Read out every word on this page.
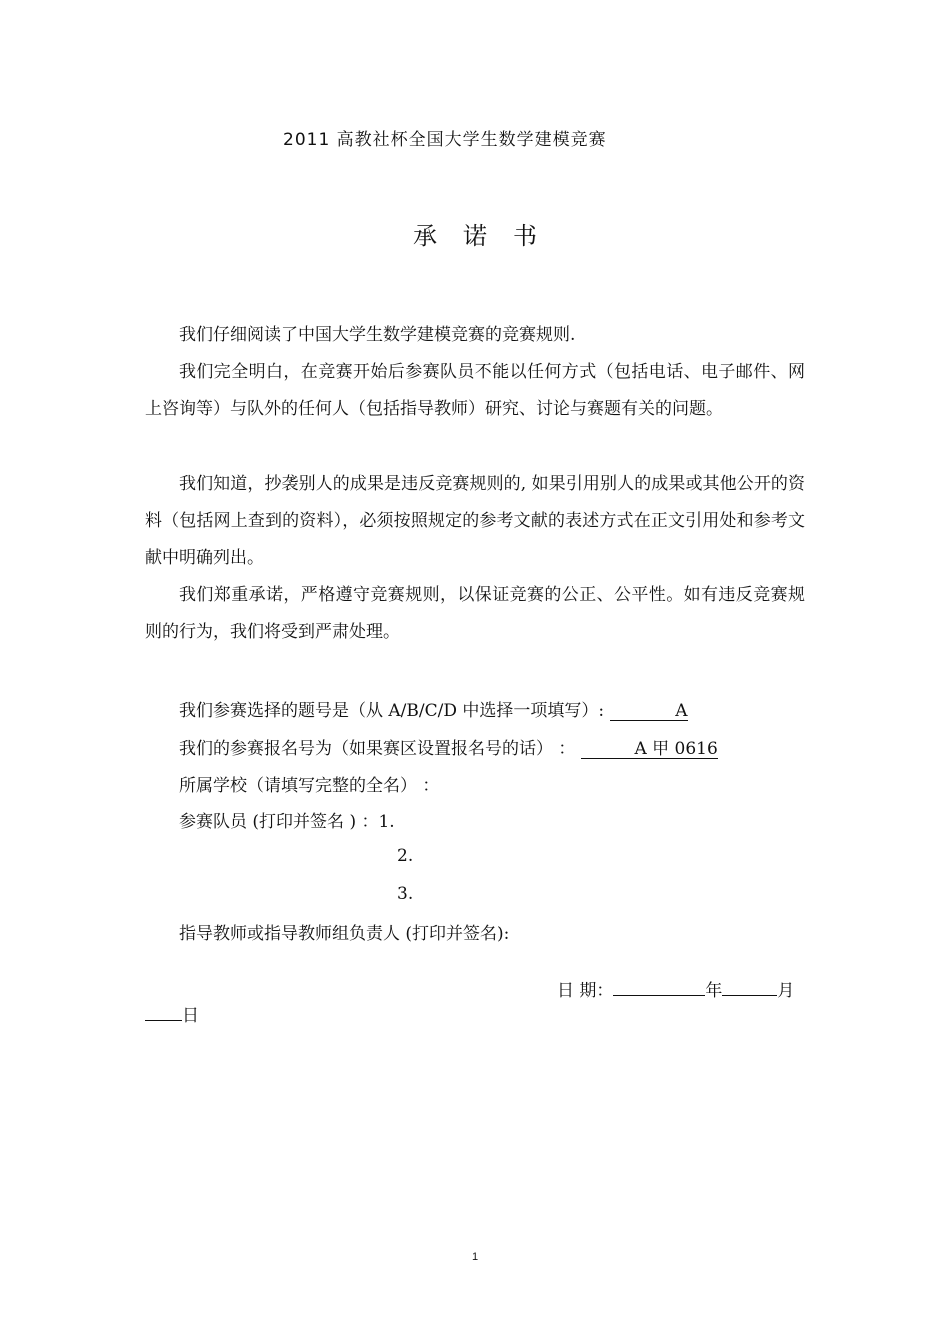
2011 高教社杯全国大学生数学建模竞赛
承诺书
我们仔细阅读了中国大学生数学建模竞赛的竞赛规则.
我们完全明白，在竞赛开始后参赛队员不能以任何方式（包括电话、电子邮件、网上咨询等）与队外的任何人（包括指导教师）研究、讨论与赛题有关的问题。
我们知道，抄袭别人的成果是违反竞赛规则的, 如果引用别人的成果或其他公开的资料（包括网上查到的资料），必须按照规定的参考文献的表述方式在正文引用处和参考文献中明确列出。
我们郑重承诺，严格遵守竞赛规则，以保证竞赛的公正、公平性。如有违反竞赛规则的行为，我们将受到严肃处理。
我们参赛选择的题号是（从 A/B/C/D 中选择一项填写）:	A
我们的参赛报名号为（如果赛区设置报名号的话） ：	A 甲 0616
所属学校（请填写完整的全名） ：
参赛队员 (打印并签名 ) ：1.
2.
3.
指导教师或指导教师组负责人 (打印并签名):
日 期：	年	月
日
1
